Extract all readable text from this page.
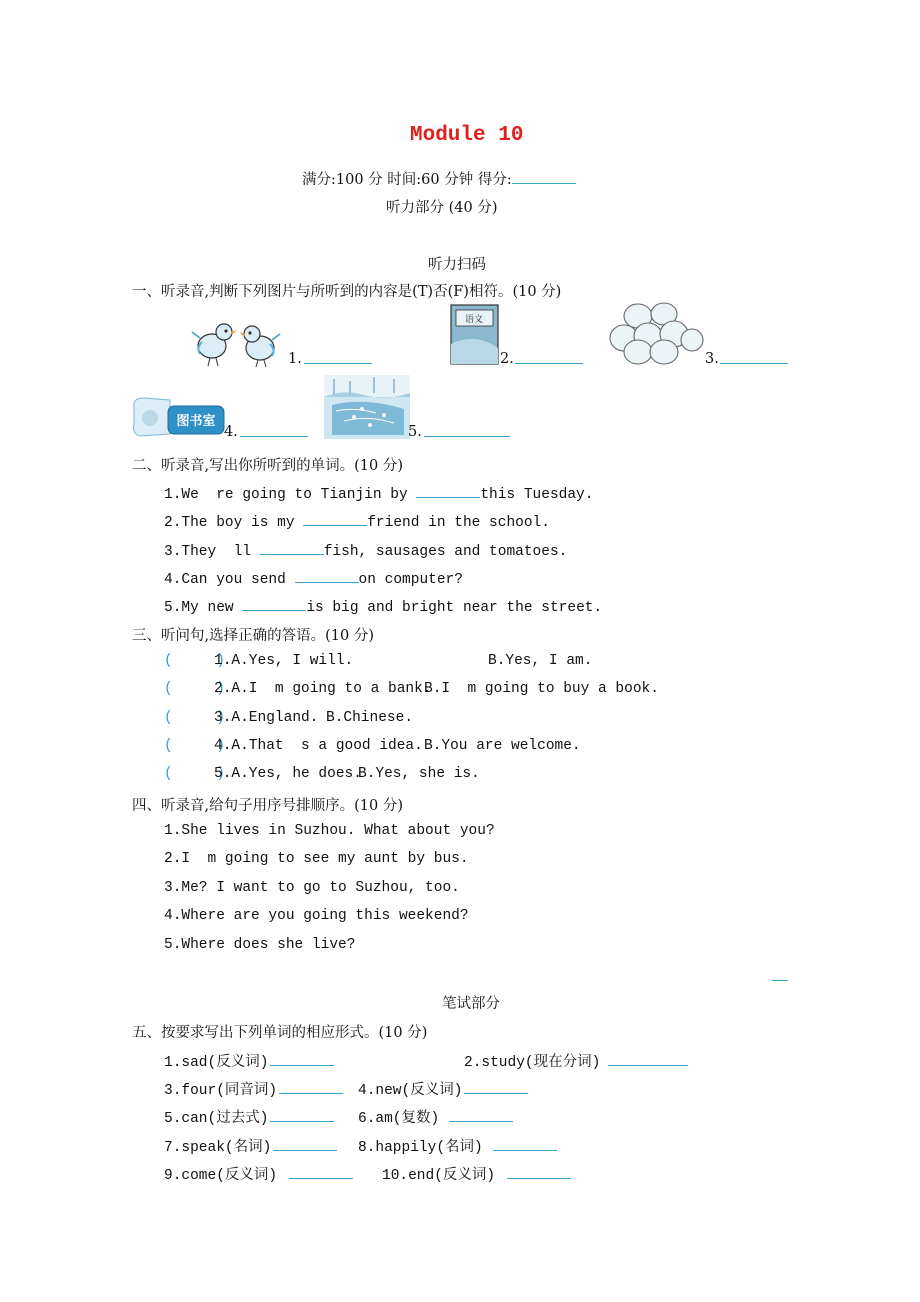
Module 10
满分:100 分 时间:60 分钟 得分:
听力部分 (40 分)
听力扫码
一、听录音,判断下列图片与所听到的内容是(T)否(F)相符。(10 分)
1.
语文
2.	3.
图书室
4.	5.
二、听录音,写出你所听到的单词。(10 分)
1.We  re going to Tianjin by	this Tuesday.
2.The boy is my	friend in the school.
3.They  ll	fish, sausages and tomatoes.
4.Can you send	on computer?
5.My new	is big and bright near the street.
三、听问句,选择正确的答语。(10 分)
(     )
1.A.Yes, I will.	B.Yes, I am.
(     )
2.A.I  m going to a bank.
B.I  m going to buy a book.
(     )
3.A.England. B.Chinese.
(     )
4.A.That  s a good idea. B.You are welcome.
(     )
5.A.Yes, he does.
B.Yes, she is.
四、听录音,给句子用序号排顺序。(10 分)
1.She lives in Suzhou. What about you?
2.I  m going to see my aunt by bus.
3.Me? I want to go to Suzhou, too.
4.Where are you going this weekend?
5.Where does she live?
笔试部分
五、按要求写出下列单词的相应形式。(10 分)
1.sad(反义词)	2.study(现在分词)
3.four(同音词)	4.new(反义词)
5.can(过去式)	6.am(复数)
7.speak(名词)	8.happily(名词)
9.come(反义词)	10.end(反义词)
